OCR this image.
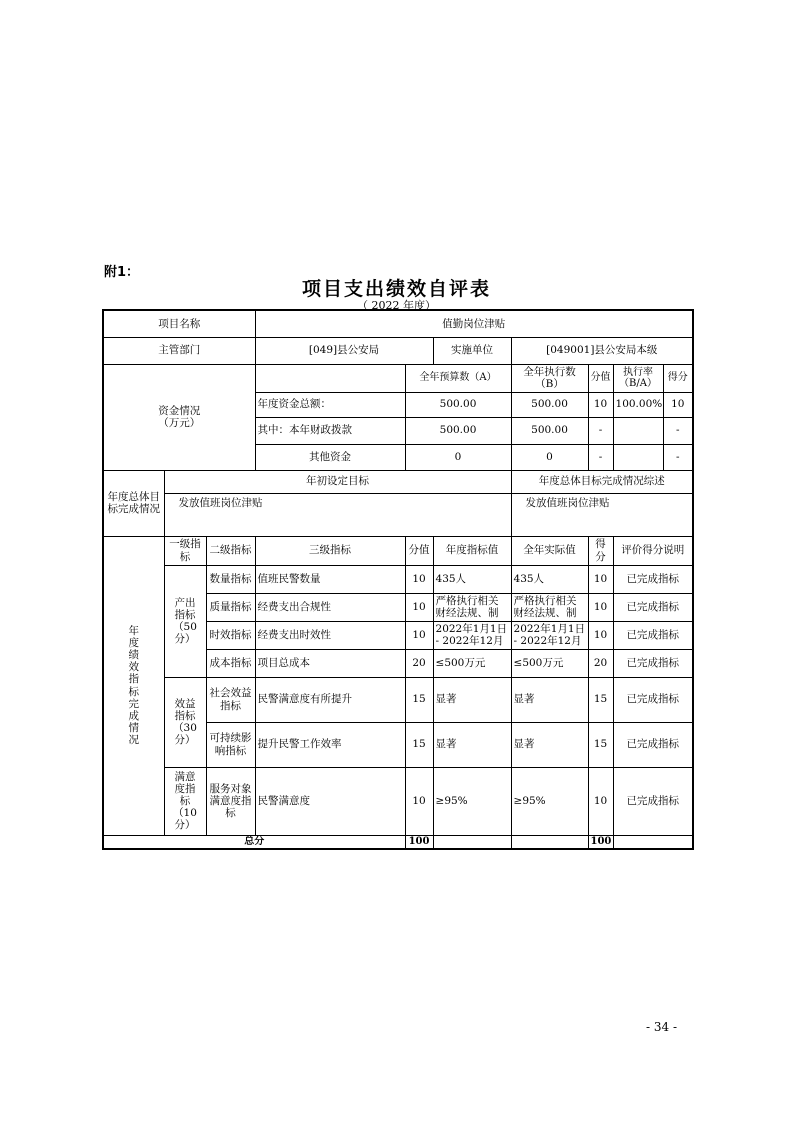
附1：
项目支出绩效自评表
（ 2022 年度）
项目名称			值勤岗位津贴						
主管部门			[049]县公安局		实施单位	[049001]县公安局本级			
资金情况
（万元）				全年预算数（A）		全年执行数（B）	分值	执行率（B/A）	得分
			年度资金总额：	500.00		500.00	10	100.00%	10
			其中：本年财政拨款	500.00		500.00	-		-
			其他资金	0		0	-		-
年度总体目标完成情况	年初设定目标					年度总体目标完成情况综述			
	发放值班岗位津贴					发放值班岗位津贴			
年度绩效指标完成情况	一级指标	二级指标	三级指标	分值	年度指标值	全年实际值	得分	评价得分说明	
	产出指标（50分）	数量指标	值班民警数量	10	435人	435人	10	已完成指标	
		质量指标	经费支出合规性	10	严格执行相关财经法规、制	严格执行相关财经法规、制	10	已完成指标	
		时效指标	经费支出时效性	10	2022年1月1日 - 2022年12月	2022年1月1日 - 2022年12月	10	已完成指标	
		成本指标	项目总成本	20	≤500万元	≤500万元	20	已完成指标	
	效益指标（30分）	社会效益指标	民警满意度有所提升	15	显著	显著	15	已完成指标	
		可持续影响指标	提升民警工作效率	15	显著	显著	15	已完成指标	
	满意度指标（10分）	服务对象满意度指标	民警满意度	10	≥95%	≥95%	10	已完成指标	
总分				100			100		
- 34 -
